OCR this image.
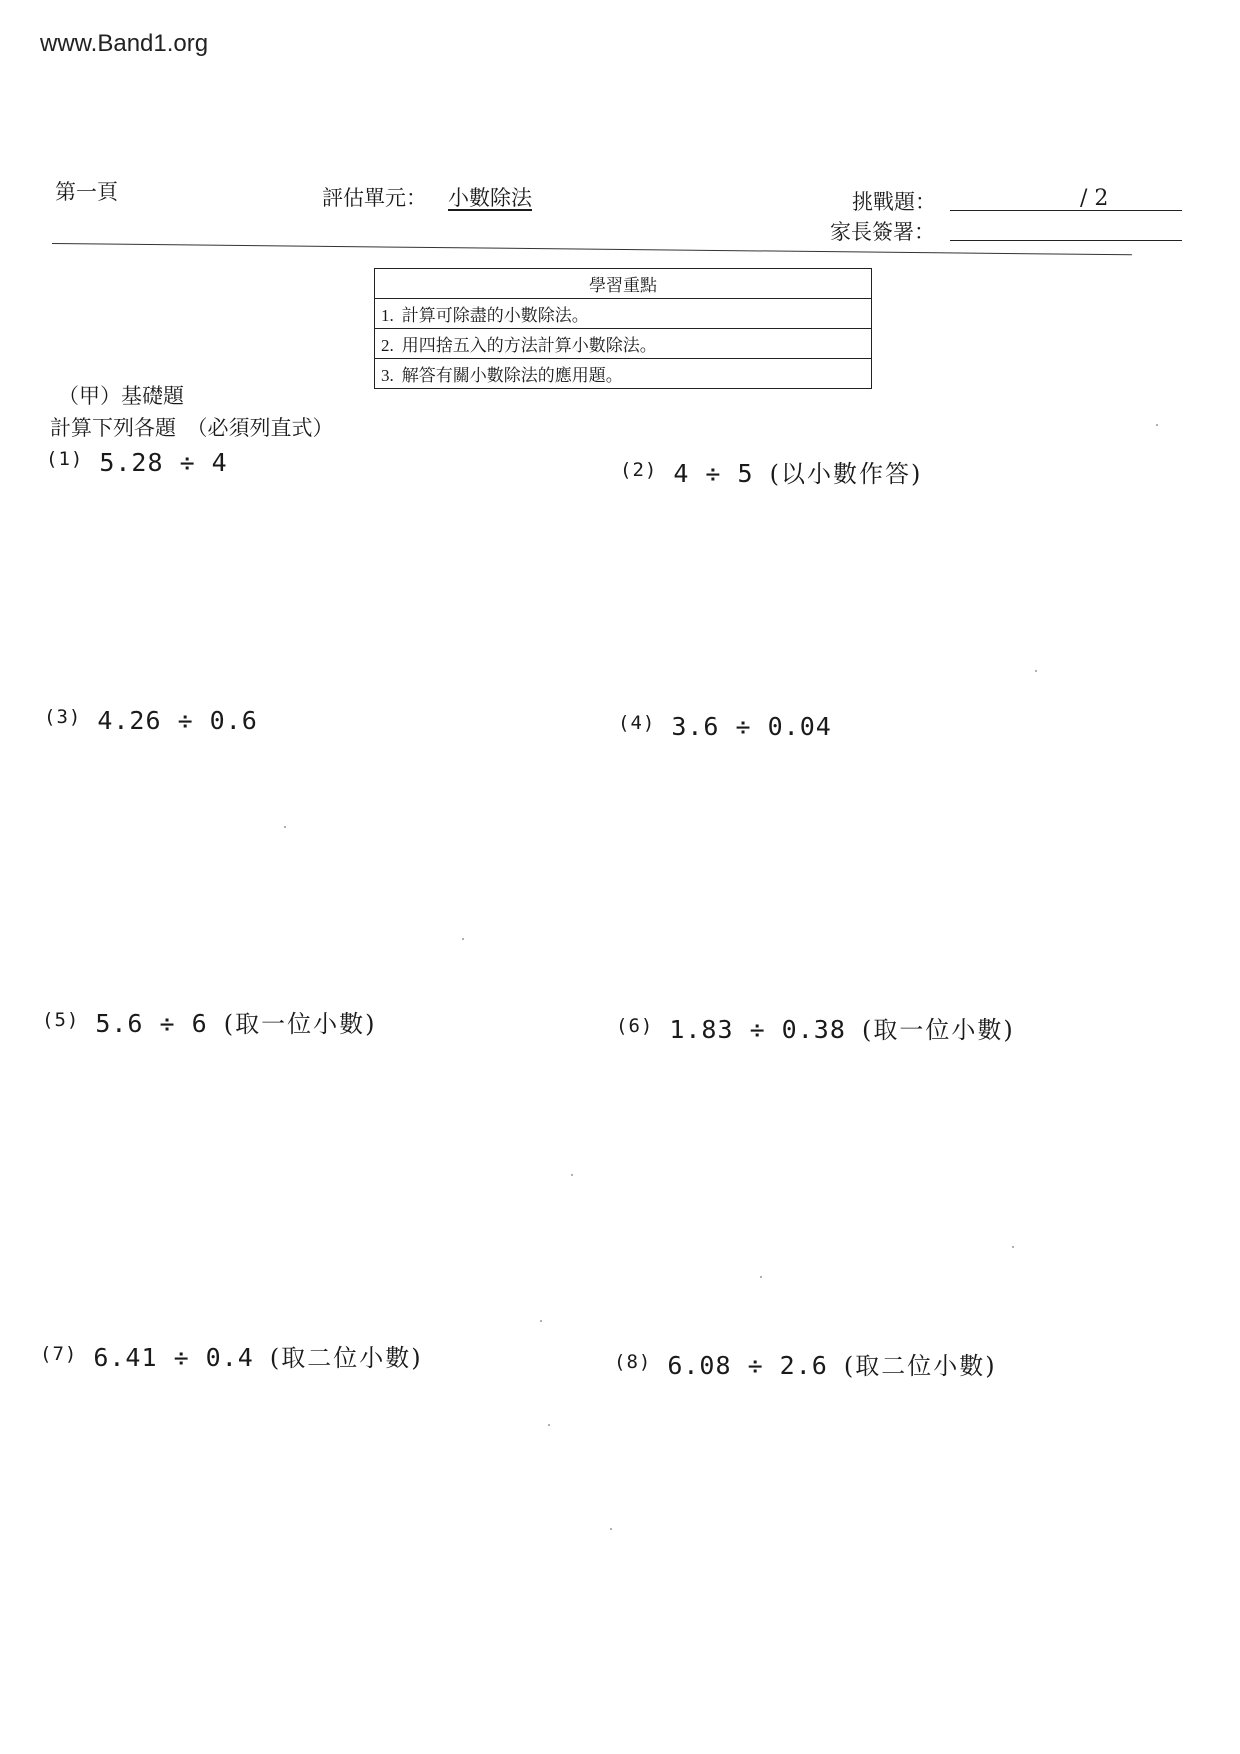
www.Band1.org
第一頁	評估單元： 小數除法	挑戰題：	/ 2
家長簽署：
學習重點
1. 計算可除盡的小數除法。
2. 用四捨五入的方法計算小數除法。
3. 解答有關小數除法的應用題。
（甲）基礎題
計算下列各題　（必須列直式）
$^{(1)}$ 5.28 ÷ 4	$^{(2)}$ 4 ÷ 5 (以小數作答)
$^{(3)}$ 4.26 ÷ 0.6	$^{(4)}$ 3.6 ÷ 0.04
$^{(5)}$ 5.6 ÷ 6 (取一位小數)	$^{(6)}$ 1.83 ÷ 0.38 (取一位小數)
$^{(7)}$ 6.41 ÷ 0.4 (取二位小數)	$^{(8)}$ 6.08 ÷ 2.6 (取二位小數)
